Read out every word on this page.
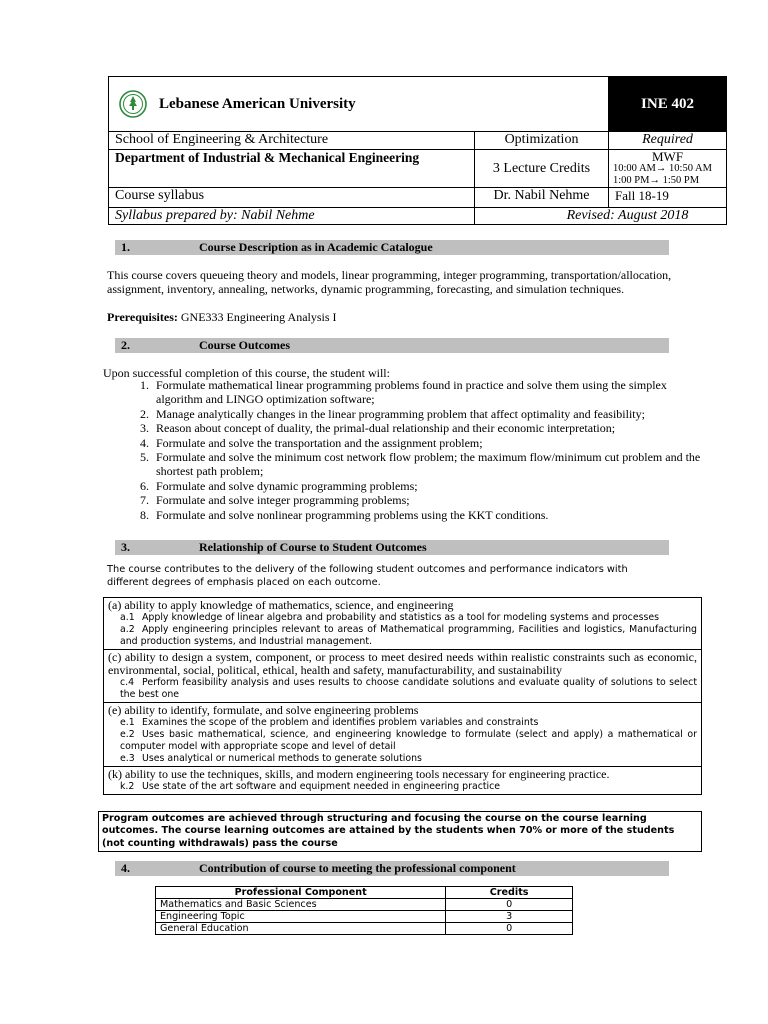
Lebanese American University		INE 402
School of Engineering & Architecture	Optimization	Required
Department of Industrial & Mechanical Engineering	3 Lecture Credits	MWF
10:00 AM→ 10:50 AM
1:00 PM→ 1:50 PM

Course syllabus	Dr. Nabil Nehme	Fall 18-19
Syllabus prepared by: Nabil Nehme	Revised: August 2018	
1.	Course Description as in Academic Catalogue
This course covers queueing theory and models, linear programming, integer programming, transportation/allocation, assignment, inventory, annealing, networks, dynamic programming, forecasting, and simulation techniques.
Prerequisites: GNE333 Engineering Analysis I
2.	Course Outcomes
Upon successful completion of this course, the student will:
1. Formulate mathematical linear programming problems found in practice and solve them using the simplex algorithm and LINGO optimization software;
2. Manage analytically changes in the linear programming problem that affect optimality and feasibility;
3. Reason about concept of duality, the primal-dual relationship and their economic interpretation;
4. Formulate and solve the transportation and the assignment problem;
5. Formulate and solve the minimum cost network flow problem; the maximum flow/minimum cut problem and the shortest path problem;
6. Formulate and solve dynamic programming problems;
7. Formulate and solve integer programming problems;
8. Formulate and solve nonlinear programming problems using the KKT conditions.
3.	Relationship of Course to Student Outcomes
The course contributes to the delivery of the following student outcomes and performance indicators with different degrees of emphasis placed on each outcome.
(a) ability to apply knowledge of mathematics, science, and engineering
a.1 Apply knowledge of linear algebra and probability and statistics as a tool for modeling systems and processes
a.2 Apply engineering principles relevant to areas of Mathematical programming, Facilities and logistics, Manufacturing and production systems, and Industrial management.

(c) ability to design a system, component, or process to meet desired needs within realistic constraints such as economic, environmental, social, political, ethical, health and safety, manufacturability, and sustainability
c.4 Perform feasibility analysis and uses results to choose candidate solutions and evaluate quality of solutions to select the best one

(e) ability to identify, formulate, and solve engineering problems
e.1 Examines the scope of the problem and identifies problem variables and constraints
e.2 Uses basic mathematical, science, and engineering knowledge to formulate (select and apply) a mathematical or computer model with appropriate scope and level of detail
e.3 Uses analytical or numerical methods to generate solutions

(k) ability to use the techniques, skills, and modern engineering tools necessary for engineering practice.
k.2 Use state of the art software and equipment needed in engineering practice
Program outcomes are achieved through structuring and focusing the course on the course learning outcomes. The course learning outcomes are attained by the students when 70% or more of the students (not counting withdrawals) pass the course
4.	Contribution of course to meeting the professional component
Professional Component	Credits
Mathematics and Basic Sciences	0
Engineering Topic	3
General Education	0
